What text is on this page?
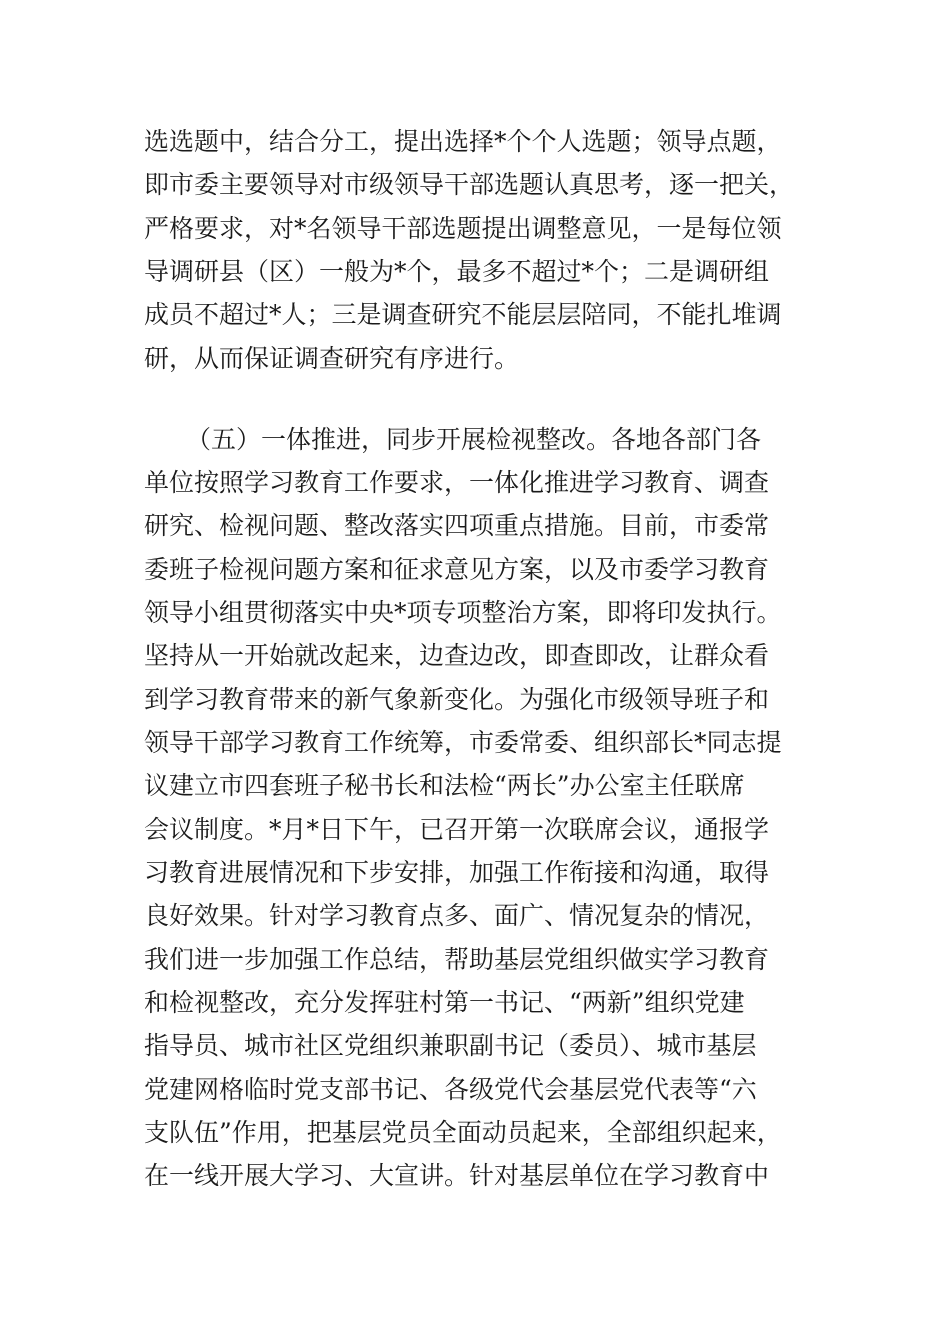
选选题中，结合分工，提出选择*个个人选题；领导点题，
即市委主要领导对市级领导干部选题认真思考，逐一把关，
严格要求，对*名领导干部选题提出调整意见，一是每位领
导调研县（区）一般为*个，最多不超过*个；二是调研组
成员不超过*人；三是调查研究不能层层陪同，不能扎堆调
研，从而保证调查研究有序进行。
（五）一体推进，同步开展检视整改。各地各部门各
单位按照学习教育工作要求，一体化推进学习教育、调查
研究、检视问题、整改落实四项重点措施。目前，市委常
委班子检视问题方案和征求意见方案，以及市委学习教育
领导小组贯彻落实中央*项专项整治方案，即将印发执行。
坚持从一开始就改起来，边查边改，即查即改，让群众看
到学习教育带来的新气象新变化。为强化市级领导班子和
领导干部学习教育工作统筹，市委常委、组织部长*同志提
议建立市四套班子秘书长和法检“两长”办公室主任联席
会议制度。*月*日下午，已召开第一次联席会议，通报学
习教育进展情况和下步安排，加强工作衔接和沟通，取得
良好效果。针对学习教育点多、面广、情况复杂的情况，
我们进一步加强工作总结，帮助基层党组织做实学习教育
和检视整改，充分发挥驻村第一书记、“两新”组织党建
指导员、城市社区党组织兼职副书记（委员）、城市基层
党建网格临时党支部书记、各级党代会基层党代表等“六
支队伍”作用，把基层党员全面动员起来，全部组织起来，
在一线开展大学习、大宣讲。针对基层单位在学习教育中
